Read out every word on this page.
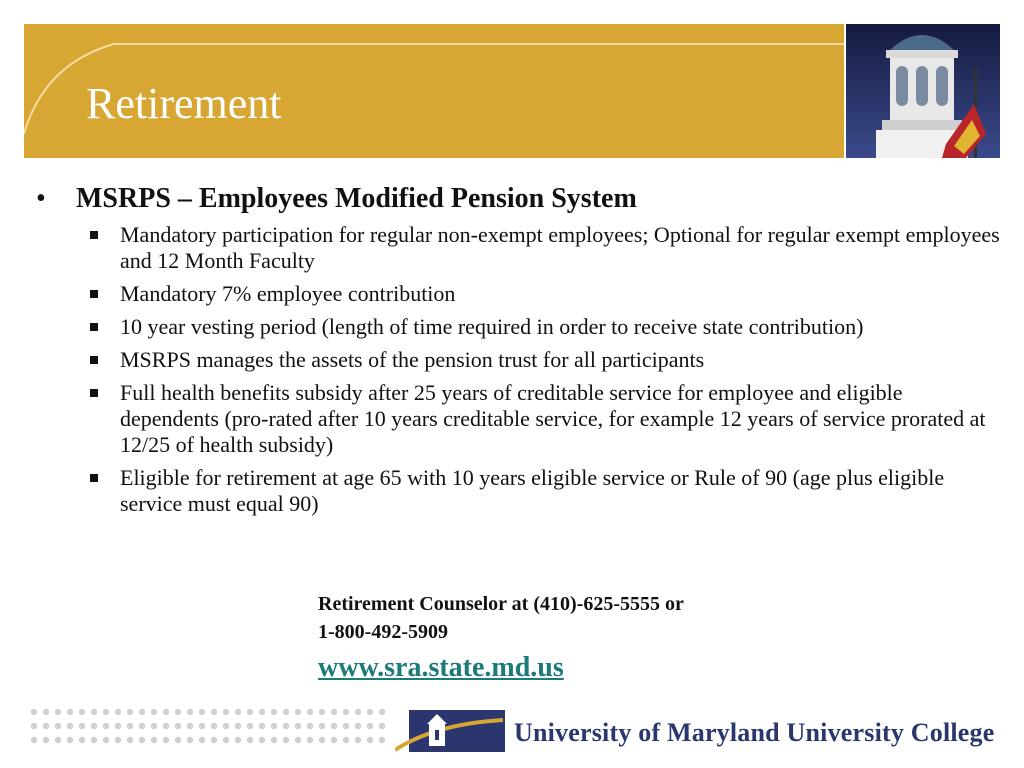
Retirement
• MSRPS – Employees Modified Pension System
Mandatory participation for regular non-exempt employees; Optional for regular exempt employees and 12 Month Faculty
Mandatory 7% employee contribution
10 year vesting period (length of time required in order to receive state contribution)
MSRPS manages the assets of the pension trust for all participants
Full health benefits subsidy after 25 years of creditable service for employee and eligible dependents (pro-rated after 10 years creditable service, for example 12 years of service prorated at 12/25 of health subsidy)
Eligible for retirement at age 65 with 10 years eligible service or Rule of 90 (age plus eligible service must equal 90)
Retirement Counselor at (410)-625-5555 or
1-800-492-5909
www.sra.state.md.us
University of Maryland University College
